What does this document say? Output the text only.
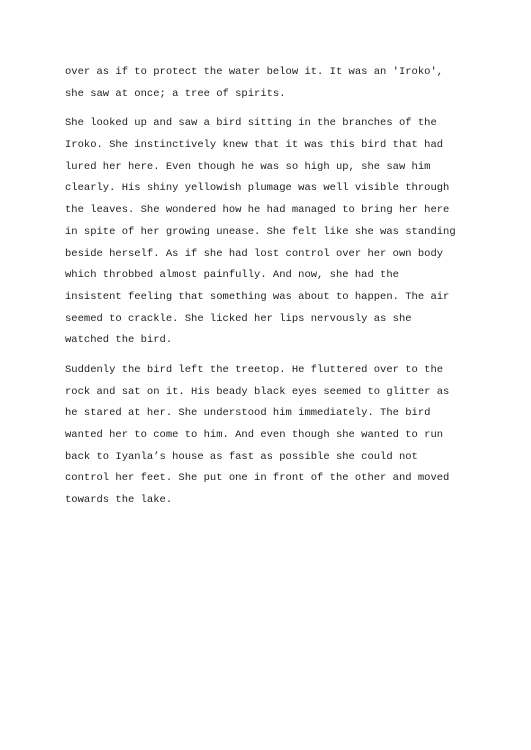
over as if to protect the water below it. It was an 'Iroko',
she saw at once; a tree of spirits.

She looked up and saw a bird sitting in the branches of the
Iroko. She instinctively knew that it was this bird that had
lured her here. Even though he was so high up, she saw him
clearly. His shiny yellowish plumage was well visible through
the leaves. She wondered how he had managed to bring her here
in spite of her growing unease. She felt like she was standing
beside herself. As if she had lost control over her own body
which throbbed almost painfully. And now, she had the
insistent feeling that something was about to happen. The air
seemed to crackle. She licked her lips nervously as she
watched the bird.

Suddenly the bird left the treetop. He fluttered over to the
rock and sat on it. His beady black eyes seemed to glitter as
he stared at her. She understood him immediately. The bird
wanted her to come to him. And even though she wanted to run
back to Iyanla’s house as fast as possible she could not
control her feet. She put one in front of the other and moved
towards the lake.
